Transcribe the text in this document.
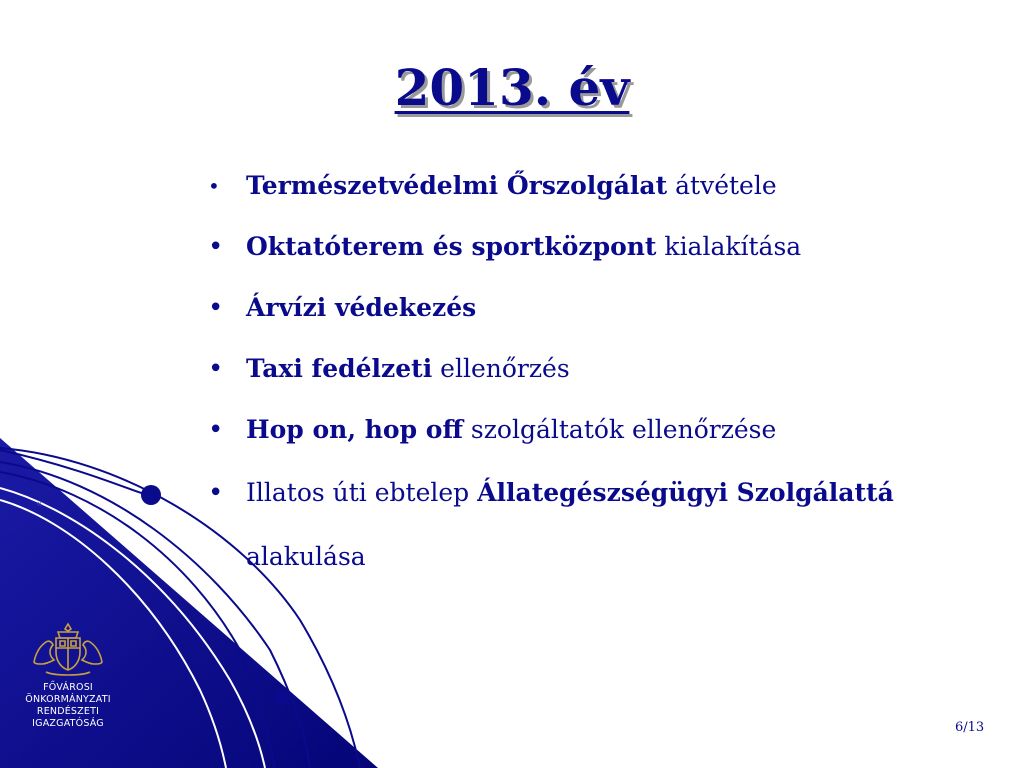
«
2013. év
• Természetvédelmi Őrszolgálat átvétele
• Oktatóterem és sportközpont kialakítása
• Árvízi védekezés
• Taxi fedélzeti ellenőrzés
• Hop on, hop off szolgáltatók ellenőrzése
• Illatos úti ebtelep Állategészségügyi Szolgálattá alakulása
FŐVÁROSI
ÖNKORMÁNYZATI
RENDÉSZETI
IGAZGATÓSÁG	6/13
